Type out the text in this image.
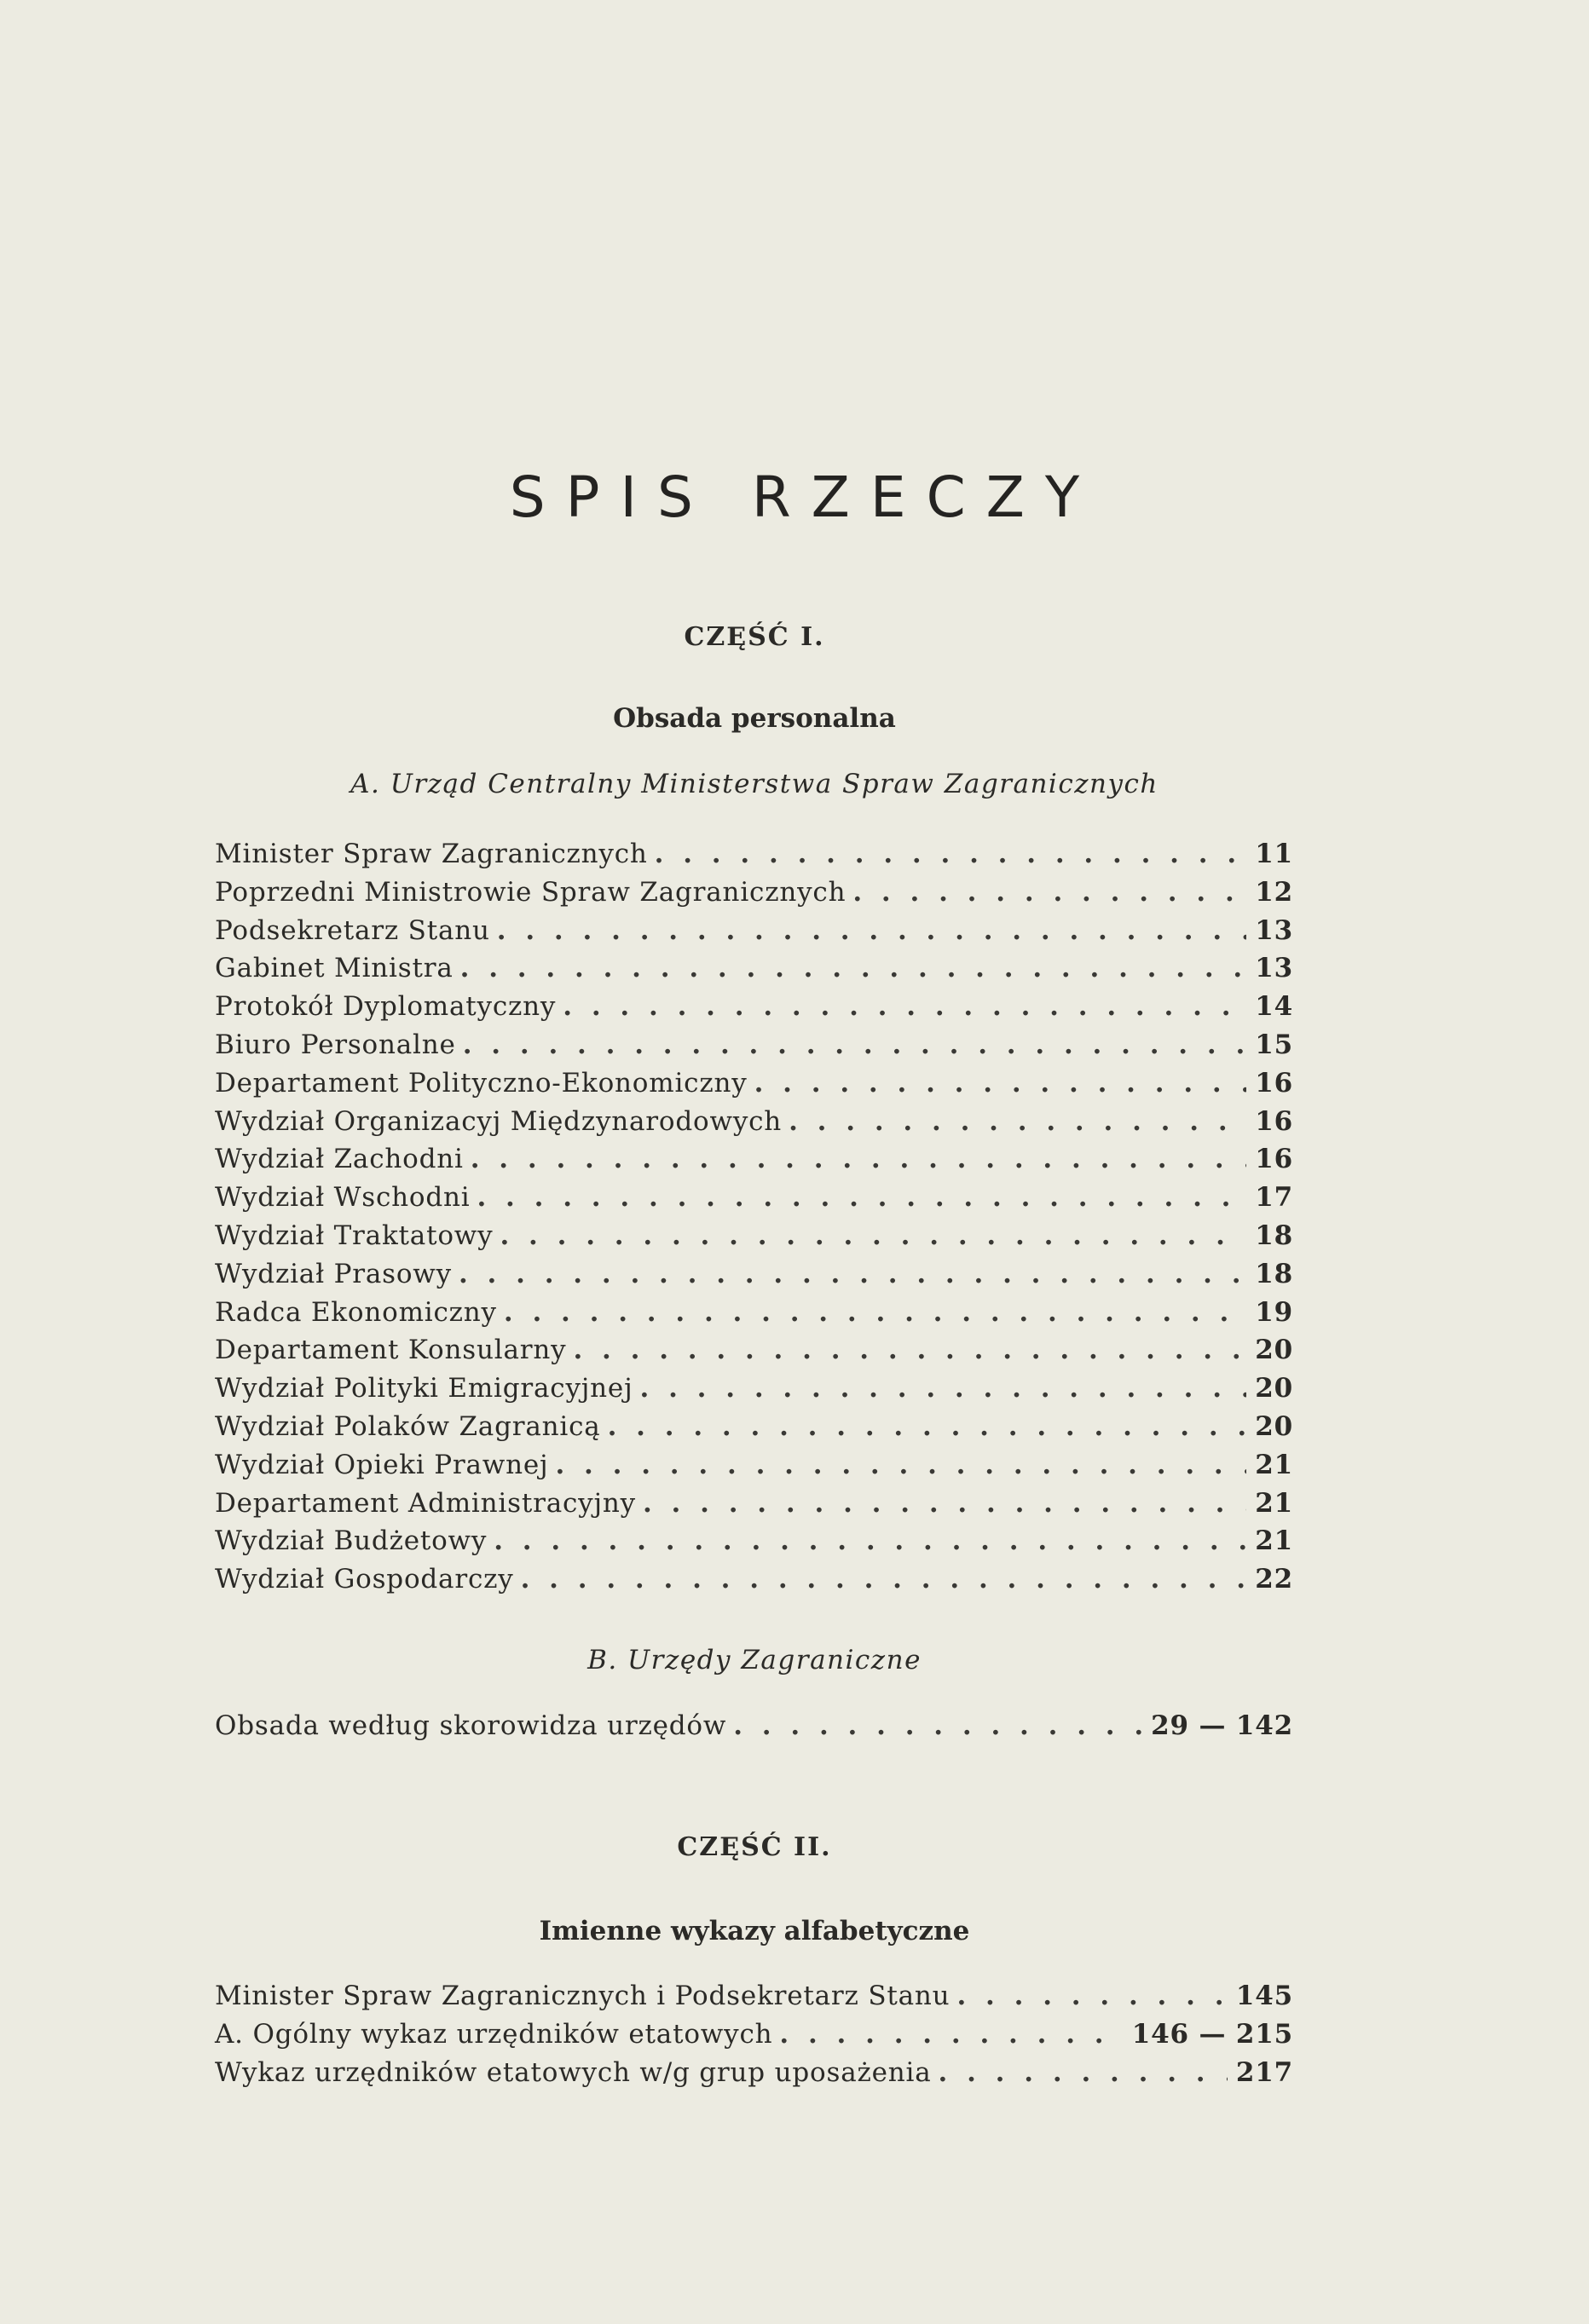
SPIS RZECZY

CZĘŚĆ I.

Obsada personalna

A. Urząd Centralny Ministerstwa Spraw Zagranicznych

Minister Spraw Zagranicznych . . .	11
Poprzedni Ministrowie Spraw Zagranicznych . . .	12
Podsekretarz Stanu . . .	13
Gabinet Ministra . . .	13
Protokół Dyplomatyczny . . .	14
Biuro Personalne . . .	15
Departament Polityczno-Ekonomiczny . . .	16
Wydział Organizacyj Międzynarodowych . . .	16
Wydział Zachodni . . .	16
Wydział Wschodni . . .	17
Wydział Traktatowy . . .	18
Wydział Prasowy . . .	18
Radca Ekonomiczny . . .	19
Departament Konsularny . . .	20
Wydział Polityki Emigracyjnej . . .	20
Wydział Polaków Zagranicą . . .	20
Wydział Opieki Prawnej . . .	21
Departament Administracyjny . . .	21
Wydział Budżetowy . . .	21
Wydział Gospodarczy . . .	22

B. Urzędy Zagraniczne

Obsada według skorowidza urzędów . . .	29 — 142

CZĘŚĆ II.

Imienne wykazy alfabetyczne

Minister Spraw Zagranicznych i Podsekretarz Stanu . . .	145
A. Ogólny wykaz urzędników etatowych . . .	146 — 215
Wykaz urzędników etatowych w/g grup uposażenia . . .	217
